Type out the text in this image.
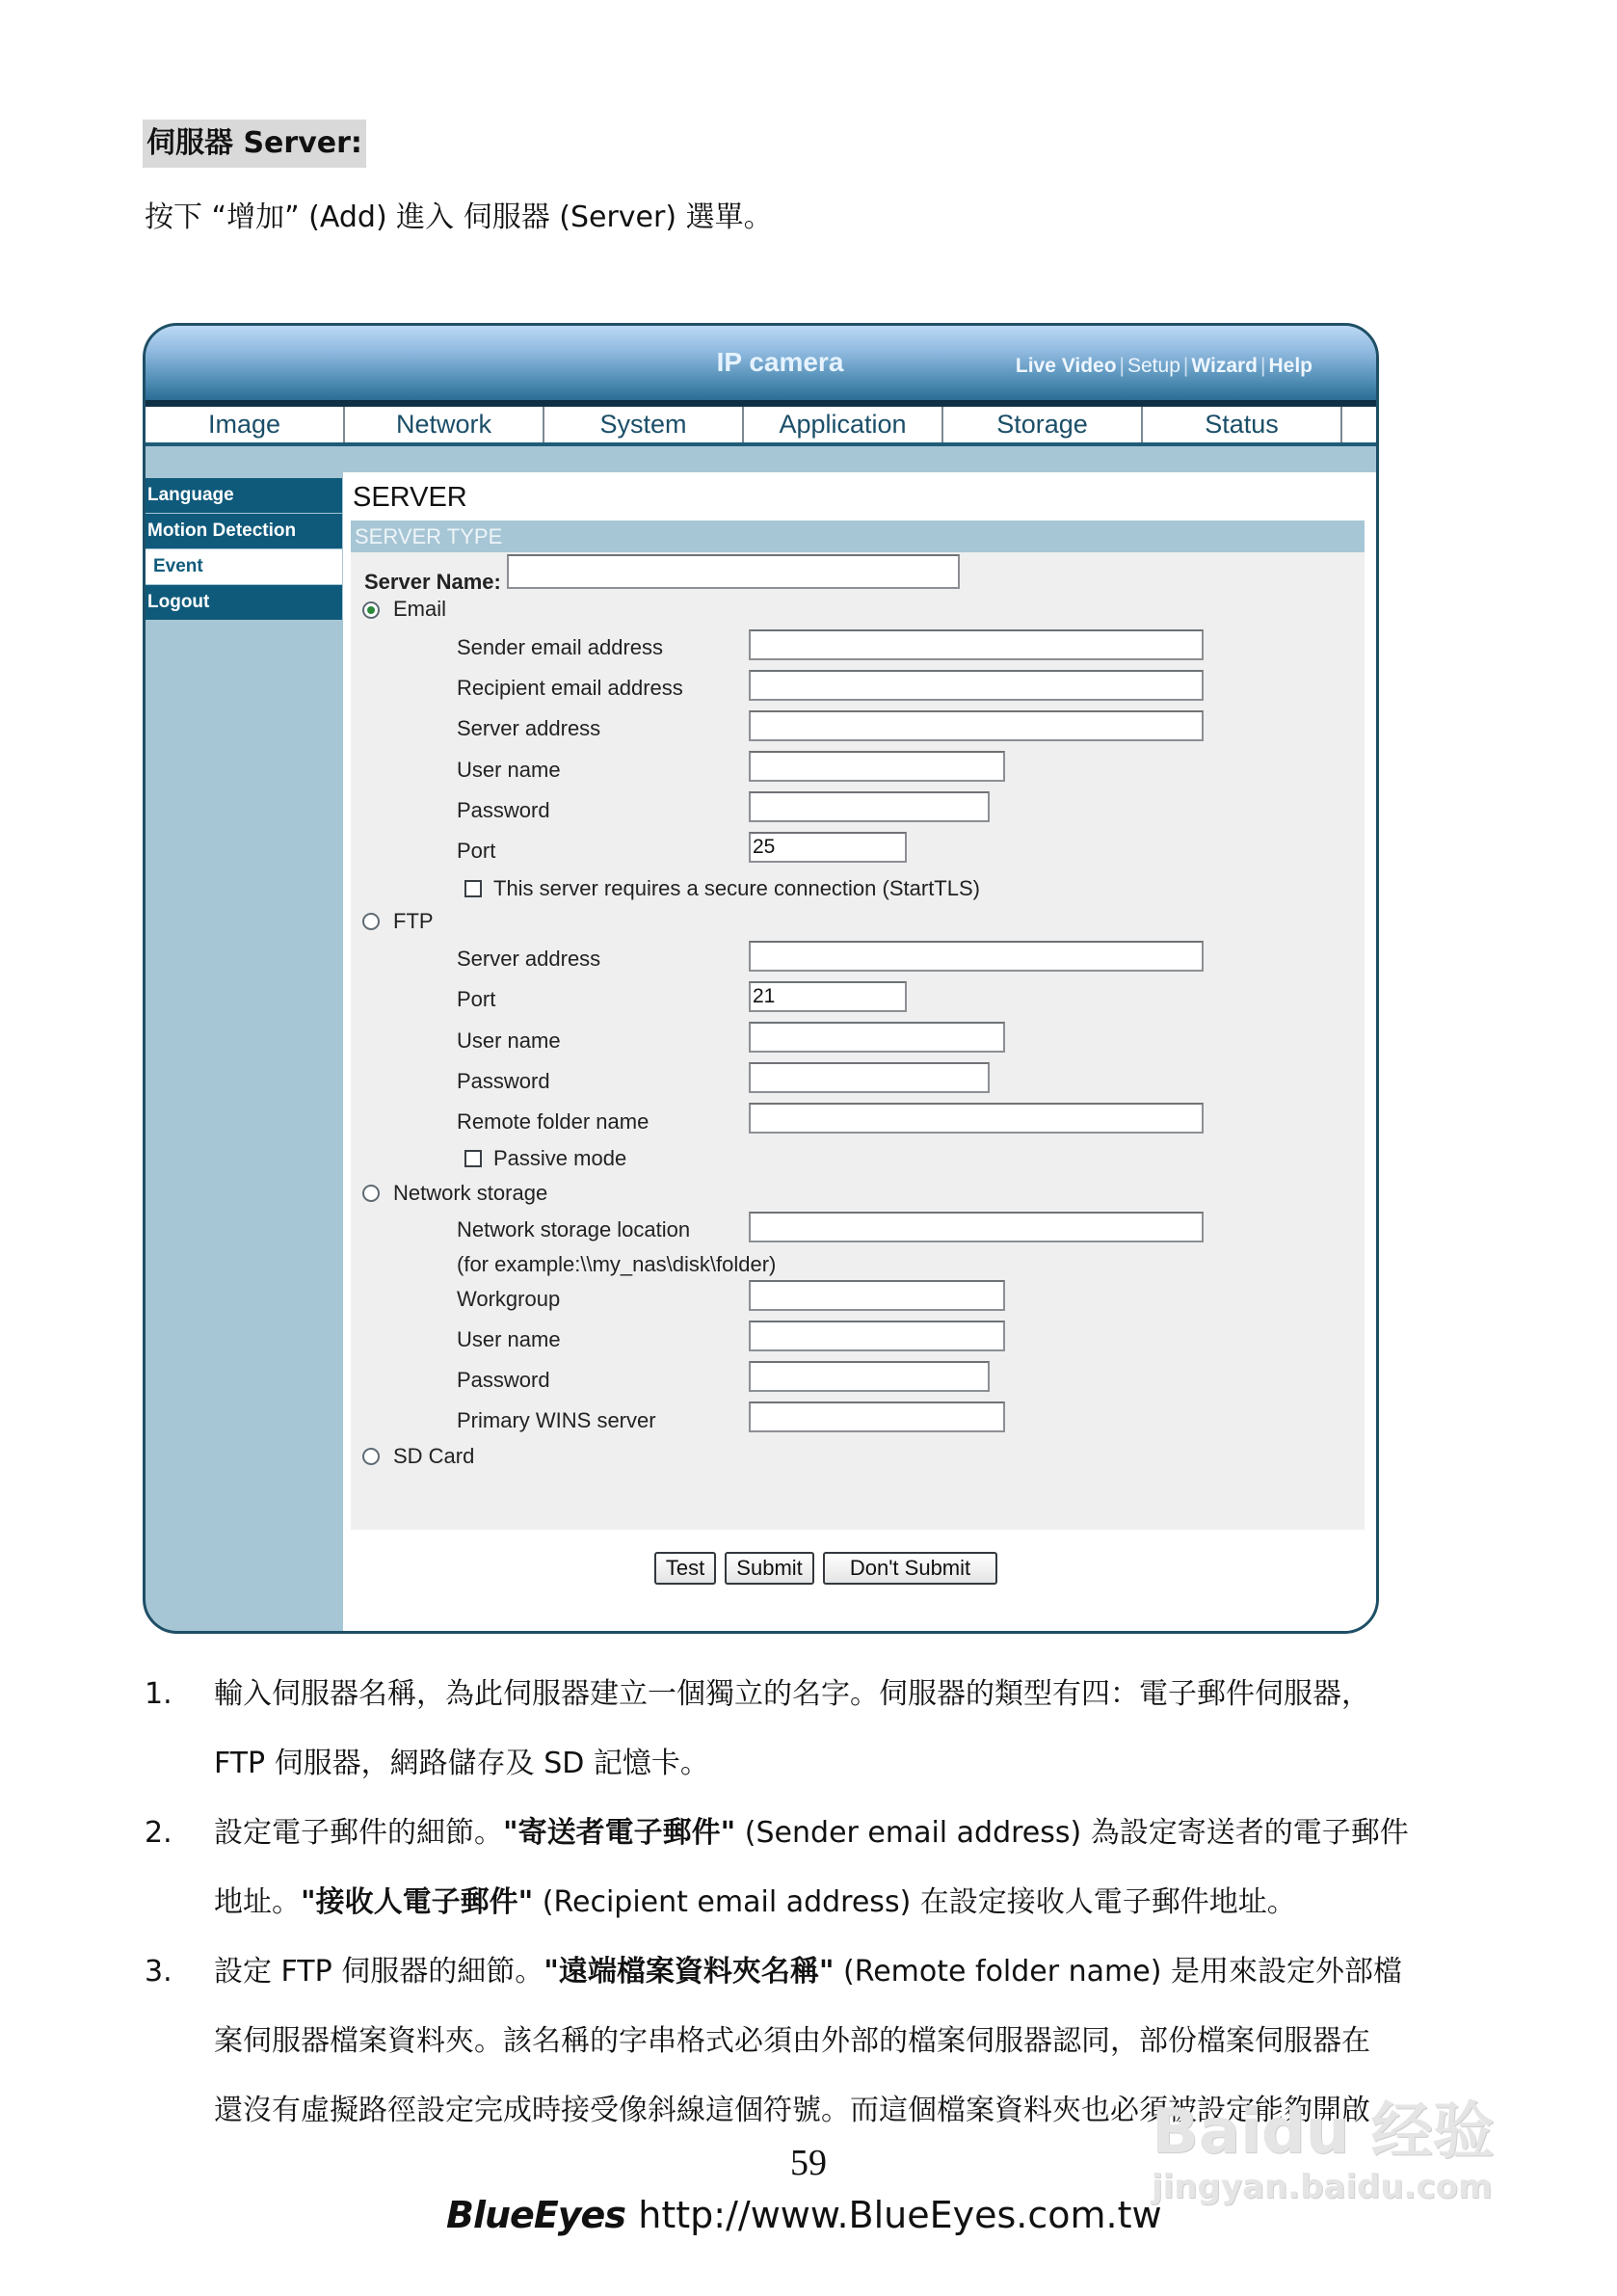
伺服器 Server:
按下 “增加” (Add) 進入 伺服器 (Server) 選單。
IP camera	Live Video | Setup | Wizard | Help
Image	Network	System	Application	Storage	Status
Language
Motion Detection
Event
Logout
SERVER
SERVER TYPE
Server Name:
Email
Sender email address
Recipient email address
Server address
User name
Password
Port
25
This server requires a secure connection (StartTLS)
FTP
Server address
Port
21
User name
Password
Remote folder name
Passive mode
Network storage
Network storage location
(for example:\\my_nas\disk\folder)
Workgroup
User name
Password
Primary WINS server
SD Card
Test Submit Don't Submit
1. 輸入伺服器名稱，為此伺服器建立一個獨立的名字。伺服器的類型有四：電子郵件伺服器，
FTP 伺服器，網路儲存及 SD 記憶卡。
2. 設定電子郵件的細節。"寄送者電子郵件" (Sender email address) 為設定寄送者的電子郵件
地址。"接收人電子郵件" (Recipient email address) 在設定接收人電子郵件地址。
3. 設定 FTP 伺服器的細節。"遠端檔案資料夾名稱" (Remote folder name) 是用來設定外部檔
案伺服器檔案資料夾。該名稱的字串格式必須由外部的檔案伺服器認同，部份檔案伺服器在
還沒有虛擬路徑設定完成時接受像斜線這個符號。而這個檔案資料夾也必須被設定能夠開啟
59
BlueEyes http://www.BlueEyes.com.tw
Baidu 经验
jingyan.baidu.com
